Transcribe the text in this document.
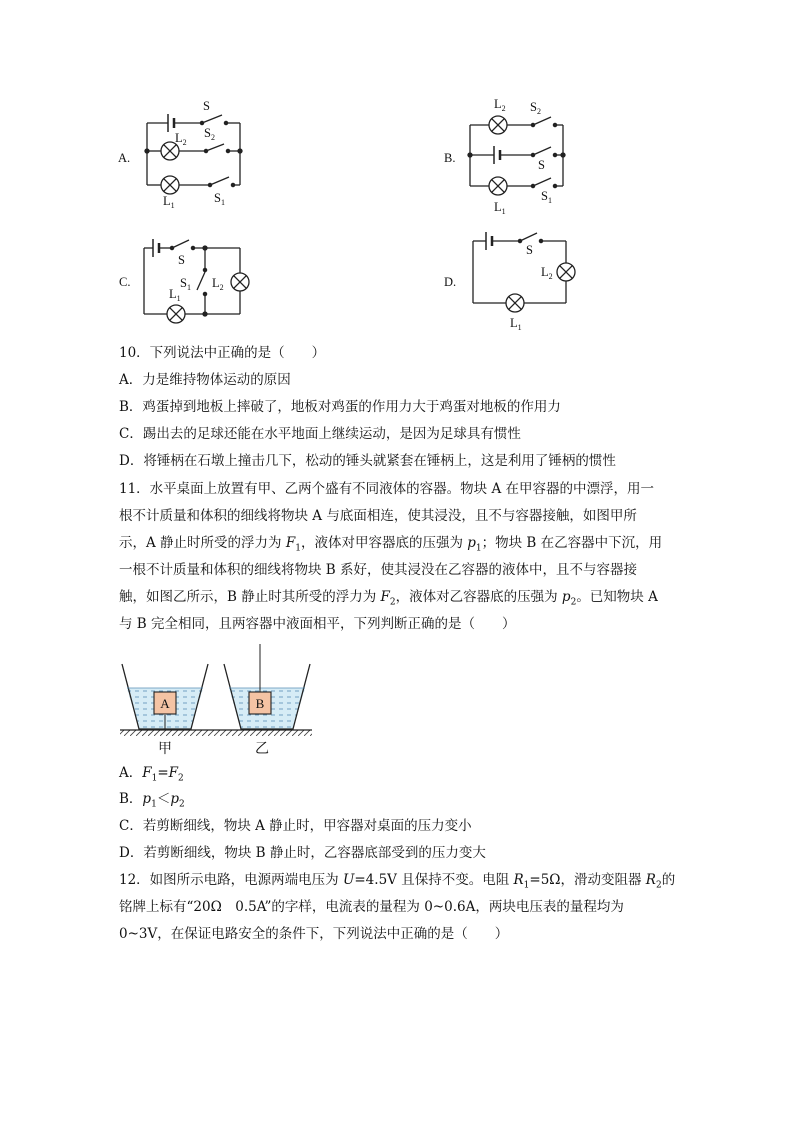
A.
S
$L_2$
$S_2$
$L_1$
$S_1$
B.
$L_2$ $S_2$
S
$L_1$
$S_1$
C.
S
$S_1$ $L_2$
$L_1$
D.
S
$L_2$
$L_1$
10．下列说法中正确的是（　　）
A．力是维持物体运动的原因
B．鸡蛋掉到地板上摔破了，地板对鸡蛋的作用力大于鸡蛋对地板的作用力
C．踢出去的足球还能在水平地面上继续运动，是因为足球具有惯性
D．将锤柄在石墩上撞击几下，松动的锤头就紧套在锤柄上，这是利用了锤柄的惯性
11．水平桌面上放置有甲、乙两个盛有不同液体的容器。物块 A 在甲容器的中漂浮，用一
根不计质量和体积的细线将物块 A 与底面相连，使其浸没，且不与容器接触，如图甲所
示，A 静止时所受的浮力为 $F_1$，液体对甲容器底的压强为 $p_1$；物块 B 在乙容器中下沉，用
一根不计质量和体积的细线将物块 B 系好，使其浸没在乙容器的液体中，且不与容器接
触，如图乙所示，B 静止时其所受的浮力为 $F_2$，液体对乙容器底的压强为 $p_2$。已知物块 A
与 B 完全相同，且两容器中液面相平，下列判断正确的是（　　）
A	B
甲	乙
A．$F_1=F_2$
B．$p_1<p_2$
C．若剪断细线，物块 A 静止时，甲容器对桌面的压力变小
D．若剪断细线，物块 B 静止时，乙容器底部受到的压力变大
12．如图所示电路，电源两端电压为 U=4.5V 且保持不变。电阻 $R_1=5\Omega$，滑动变阻器 $R_2$的
铭牌上标有“20Ω　0.5A”的字样，电流表的量程为 0~0.6A，两块电压表的量程均为
0~3V，在保证电路安全的条件下，下列说法中正确的是（　　）
